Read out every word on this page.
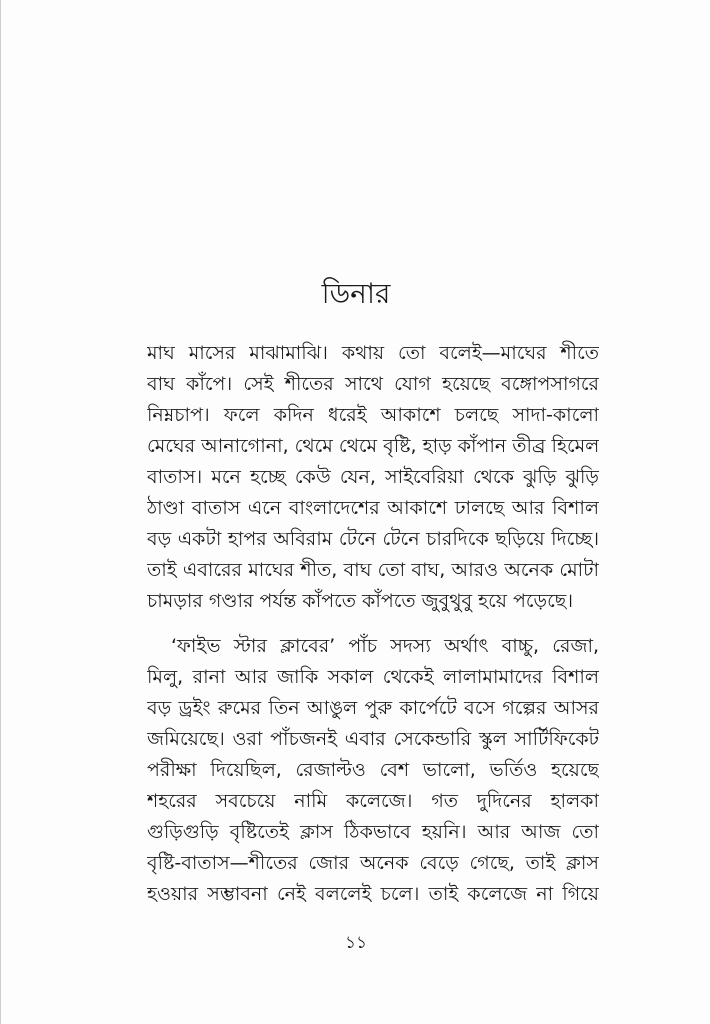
ডিনার

মাঘ মাসের মাঝামাঝি। কথায় তো বলেই—মাঘের শীতে
বাঘ কাঁপে। সেই শীতের সাথে যোগ হয়েছে বঙ্গোপসাগরে
নিম্নচাপ। ফলে কদিন ধরেই আকাশে চলছে সাদা-কালো
মেঘের আনাগোনা, থেমে থেমে বৃষ্টি, হাড় কাঁপান তীব্র হিমেল
বাতাস। মনে হচ্ছে কেউ যেন, সাইবেরিয়া থেকে ঝুড়ি ঝুড়ি
ঠাণ্ডা বাতাস এনে বাংলাদেশের আকাশে ঢালছে আর বিশাল
বড় একটা হাপর অবিরাম টেনে টেনে চারদিকে ছড়িয়ে দিচ্ছে।
তাই এবারের মাঘের শীত, বাঘ তো বাঘ, আরও অনেক মোটা
চামড়ার গণ্ডার পর্যন্ত কাঁপতে কাঁপতে জুবুথুবু হয়ে পড়েছে।

‘ফাইভ স্টার ক্লাবের’ পাঁচ সদস্য অর্থাৎ বাচ্চু, রেজা,
মিলু, রানা আর জাকি সকাল থেকেই লালামামাদের বিশাল
বড় ড্রইং রুমের তিন আঙুল পুরু কার্পেটে বসে গল্পের আসর
জমিয়েছে। ওরা পাঁচজনই এবার সেকেন্ডারি স্কুল সার্টিফিকেট
পরীক্ষা দিয়েছিল, রেজাল্টও বেশ ভালো, ভর্তিও হয়েছে
শহরের সবচেয়ে নামি কলেজে। গত দুদিনের হালকা
গুড়িগুড়ি বৃষ্টিতেই ক্লাস ঠিকভাবে হয়নি। আর আজ তো
বৃষ্টি-বাতাস—শীতের জোর অনেক বেড়ে গেছে, তাই ক্লাস
হওয়ার সম্ভাবনা নেই বললেই চলে। তাই কলেজে না গিয়ে

১১
